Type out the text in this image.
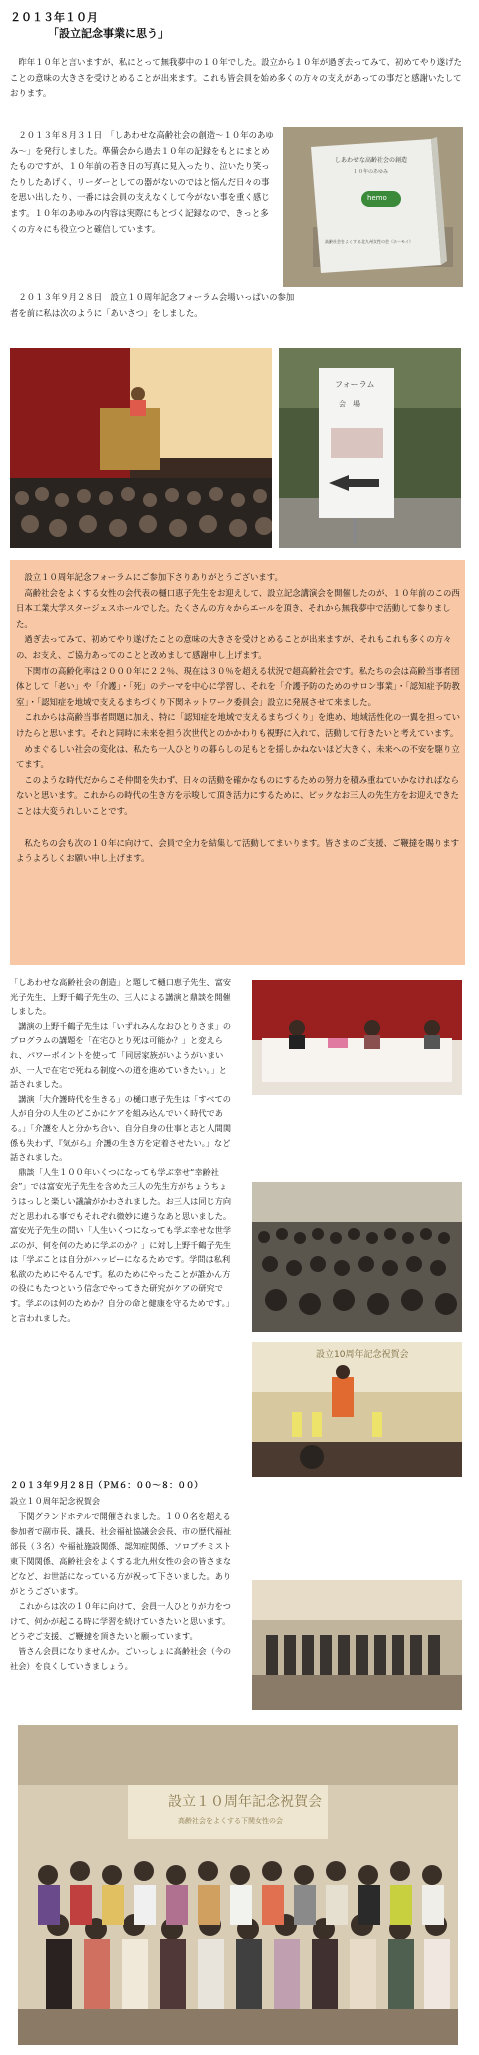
２０１３年１０月
「設立記念事業に思う」
　昨年１０年と言いますが、私にとって無我夢中の１０年でした。設立から１０年が過ぎ去ってみて、初めてやり遂げたことの意味の大きさを受けとめることが出来ます。これも皆会員を始め多くの方々の支えがあっての事だと感謝いたしております。
　２０１３年８月３１日　「しあわせな高齢社会の創造～１０年のあゆみ～」を発行しました。準備会から過去１０年の記録をもとにまとめたものですが、１０年前の若き日の写真に見入ったり、泣いたり笑ったりしたあげく、リーダーとしての器がないのではと悩んだ日々の事を思い出したり、一番には会員の支えなくして今がない事を重く感じます。１０年のあゆみの内容は実際にもとづく記録なので、きっと多くの方々にも役立つと確信しています。
しあわせな高齢社会の創造
１０年のあゆみ
hemo
高齢社会をよくする北九州女性の会（ホーモイ）
　２０１３年９月２８日　設立１０周年記念フォーラム会場いっぱいの参加者を前に私は次のように「あいさつ」をしました。
フォーラム
会　場
　設立１０周年記念フォーラムにご参加下さりありがとうございます。
　高齢社会をよくする女性の会代表の樋口恵子先生をお迎えして、設立記念講演会を開催したのが、１０年前のこの西日本工業大学スタージェスホールでした。たくさんの方々からエールを頂き、それから無我夢中で活動して参りました。
　過ぎ去ってみて、初めてやり遂げたことの意味の大きさを受けとめることが出来ますが、それもこれも多くの方々の、お支え、ご協力あってのことと改めまして感謝申し上げます。
　下関市の高齢化率は２０００年に２２％、現在は３０％を超える状況で超高齢社会です。私たちの会は高齢当事者団体として「老い」や「介護」・「死」のテーマを中心に学習し、それを「介護予防のためのサロン事業」・「認知症予防教室」・「認知症を地域で支えるまちづくり下関ネットワーク委員会」設立に発展させて来ました。
　これからは高齢当事者問題に加え、特に「認知症を地域で支えるまちづくり」を進め、地域活性化の一翼を担っていけたらと思います。それと同時に未来を担う次世代とのかかわりも視野に入れて、活動して行きたいと考えています。
　めまぐるしい社会の変化は、私たち一人ひとりの暮らしの足もとを揺しかねないほど大きく、未来への不安を駆り立てます。
　このような時代だからこそ仲間を失わず、日々の活動を確かなものにするための努力を積み重ねていかなければならないと思います。これからの時代の生き方を示唆して頂き活力にするために、ピックなお三人の先生方をお迎えできたことは大変うれしいことです。
　私たちの会も次の１０年に向けて、会員で全力を結集して活動してまいります。皆さまのご支援、ご鞭撻を賜りますようよろしくお願い申し上げます。
「しあわせな高齢社会の創造」と題して樋口恵子先生、富安光子先生、上野千鶴子先生の、三人による講演と鼎談を開催しました。
　講演の上野千鶴子先生は「いずれみんなおひとりさま」のプログラムの講題を「在宅ひとり死は可能か？」と変えられ、パワーポイントを使って「同居家族がいようがいまいが、一人で在宅で死ねる制度への道を進めていきたい。」と話されました。
　講演「大介護時代を生きる」の樋口恵子先生は「すべての人が自分の人生のどこかにケアを組み込んでいく時代である。」「介護を人と分かち合い、自分自身の仕事と志と人間関係も失わず、『気がら』介護の生き方を定着させたい。」など話されました。
　鼎談「人生１００年いくつになっても学ぶ幸せ“幸齢社会”」では富安光子先生を含めた三人の先生方がちょうちょうはっしと楽しい議論がかわされました。お三人は同じ方向だと思われる事でもそれぞれ微妙に違うなあと思いました。富安光子先生の問い「人生いくつになっても学ぶ幸せな世学ぶのが、何を何のために学ぶのか？」に対し上野千鶴子先生は「学ぶことは自分がハッピーになるためです。学問は私利私欲のためにやるんです。私のためにやったことが誰かん方の役にもたつという信念でやってきた研究がケアの研究です。学ぶのは何のためか？自分の命と健康を守るためです。」と言われました。
２０１３年９月２８日（ＰＭ６：００～８：００）
設立１０周年記念祝賀会
　下関グランドホテルで開催されました。１００名を超える参加者で副市長、議長、社会福祉協議会会長、市の歴代福祉部長（３名）や福祉施設関係、認知症関係、ソロプチミスト東下関関係、高齢社会をよくする北九州女性の会の皆さまなどなど、お世話になっている方が祝って下さいました。ありがとうございます。
　これからは次の１０年に向けて、会員一人ひとりが力をつけて、何かが起こる時に学習を続けていきたいと思います。どうぞご支援、ご鞭撻を頂きたいと願っています。
　皆さん会員になりませんか。ごいっしょに高齢社会（今の社会）を良くしていきましょう。
設立10周年記念祝賀会
設立１０周年記念祝賀会
高齢社会をよくする下関女性の会
